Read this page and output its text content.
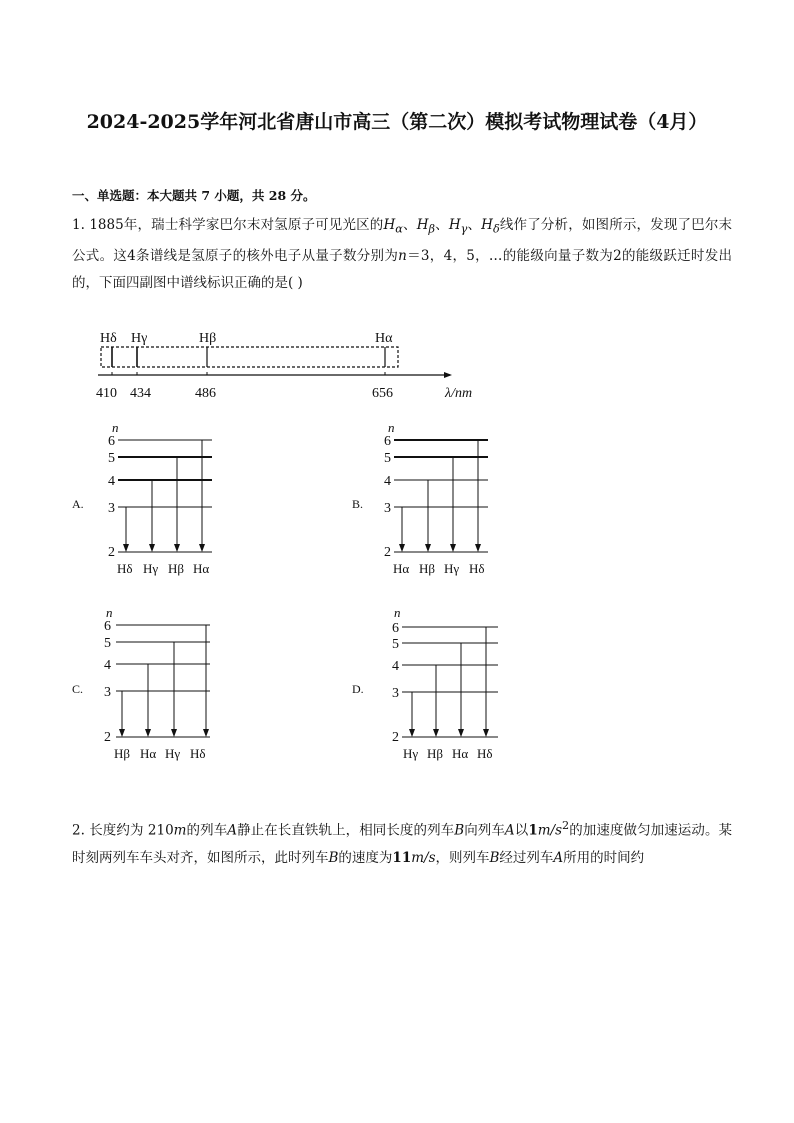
2024-2025学年河北省唐山市高三（第二次）模拟考试物理试卷（4月）
一、单选题：本大题共 7 小题，共 28 分。
1. 1885年，瑞士科学家巴尔末对氢原子可见光区的$H_\alpha$、$H_\beta$、$H_\gamma$、$H_\delta$线作了分析，如图所示，发现了巴尔末公式。这4条谱线是氢原子的核外电子从量子数分别为n＝3，4，5，…的能级向量子数为2的能级跃迁时发出的，下面四副图中谱线标识正确的是( )
Hδ Hγ	Hβ	Hα
410 434	486	656	λ/nm
A.
n
6
5
4
3
2
Hδ Hγ Hβ Hα
B.
n
6
5
4
3
2
Hα Hβ Hγ Hδ
C.
n
6
5
4
3
2
Hβ Hα Hγ Hδ
D.
n
6
5
4
3
2
Hγ Hβ Hα Hδ
2. 长度约为 210m的列车A静止在长直铁轨上，相同长度的列车B向列车A以$1m/s^2$的加速度做匀加速运动。某时刻两列车车头对齐，如图所示，此时列车B的速度为11m/s，则列车B经过列车A所用的时间约
